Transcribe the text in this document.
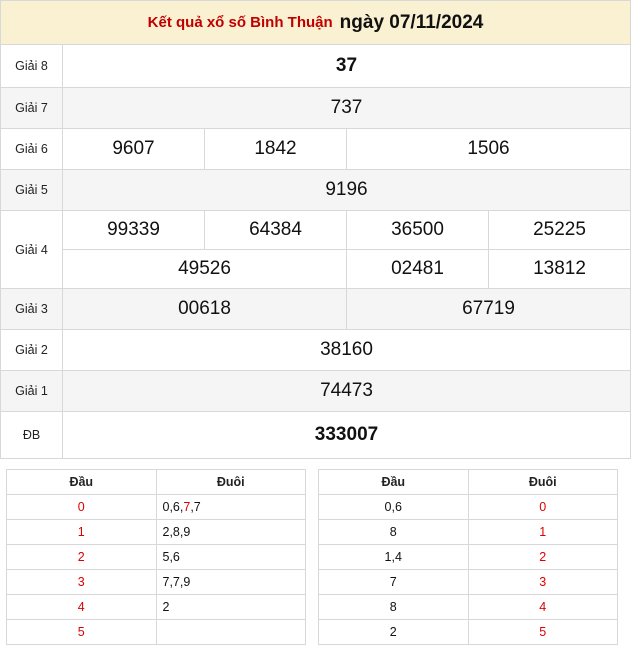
Kết quả xổ số Bình Thuận ngày 07/11/2024
Giải 8	37			
Giải 7	737			
Giải 6	9607	1842	1506	
Giải 5	9196			
Giải 4	99339	64384	36500	25225
	49526		02481	13812
Giải 3	00618		67719	
Giải 2	38160			
Giải 1	74473			
ĐB	333007			
Đầu	Đuôi
0	0,6,7,7
1	2,8,9
2	5,6
3	7,7,9
4	2
5	
Đầu	Đuôi
0,6	0
8	1
1,4	2
7	3
8	4
2	5
